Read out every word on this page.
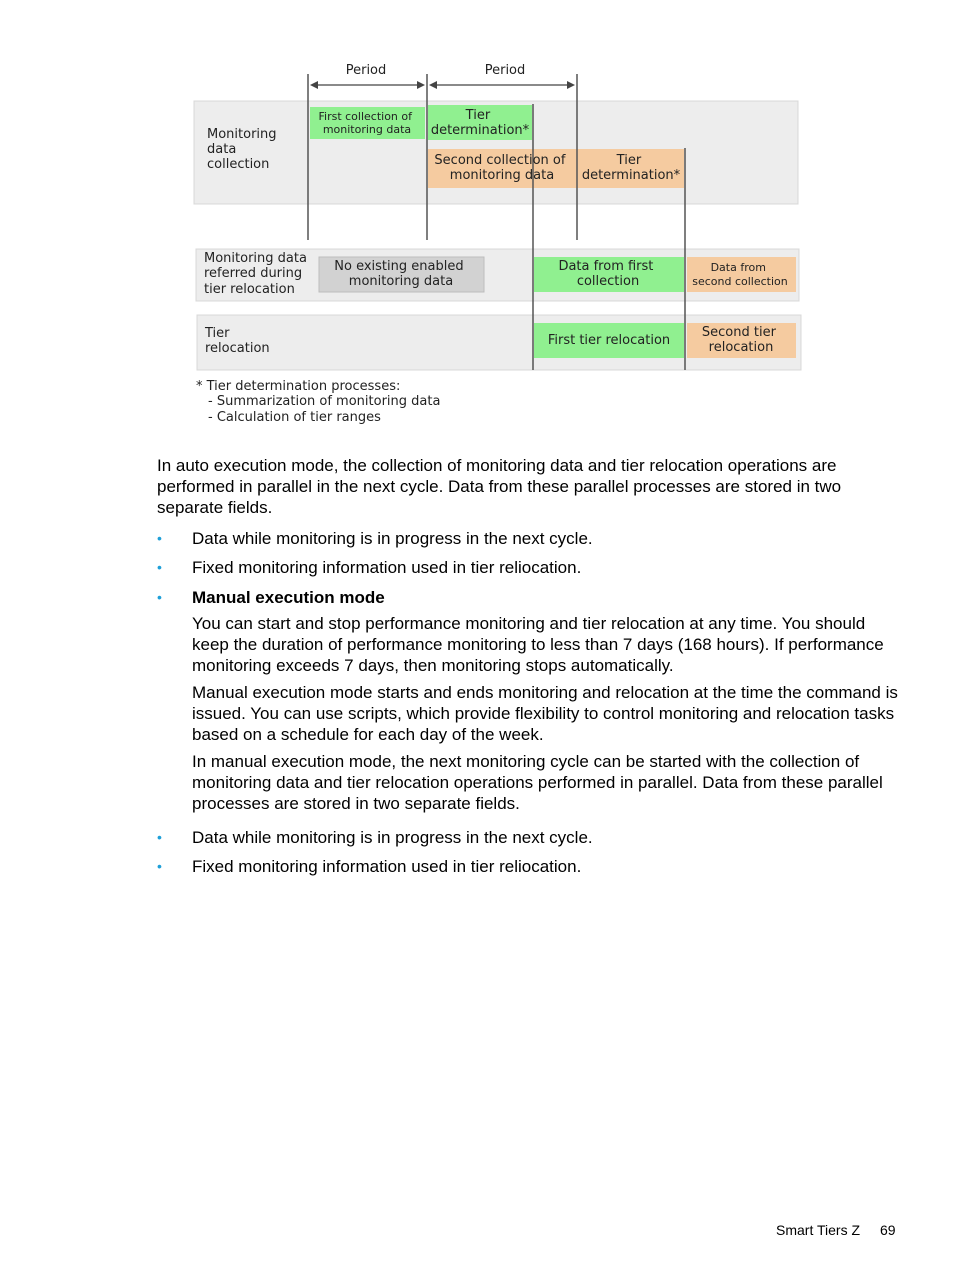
Period	Period
Monitoring data collection
Monitoring data referred during tier relocation
Tier relocation
First collection of monitoring data
Tier determination*
Second collection of monitoring data
Tier determination*
No existing enabled monitoring data
Data from first collection
Data from second collection
First tier relocation
Second tier relocation
* Tier determination processes: - Summarization of monitoring data - Calculation of tier ranges

In auto execution mode, the collection of monitoring data and tier relocation operations are performed in parallel in the next cycle. Data from these parallel processes are stored in two separate fields.

• Data while monitoring is in progress in the next cycle.
• Fixed monitoring information used in tier reliocation.
• Manual execution mode

You can start and stop performance monitoring and tier relocation at any time. You should keep the duration of performance monitoring to less than 7 days (168 hours). If performance monitoring exceeds 7 days, then monitoring stops automatically.

Manual execution mode starts and ends monitoring and relocation at the time the command is issued. You can use scripts, which provide flexibility to control monitoring and relocation tasks based on a schedule for each day of the week.

In manual execution mode, the next monitoring cycle can be started with the collection of monitoring data and tier relocation operations performed in parallel. Data from these parallel processes are stored in two separate fields.

• Data while monitoring is in progress in the next cycle.
• Fixed monitoring information used in tier reliocation.
Smart Tiers Z 69
